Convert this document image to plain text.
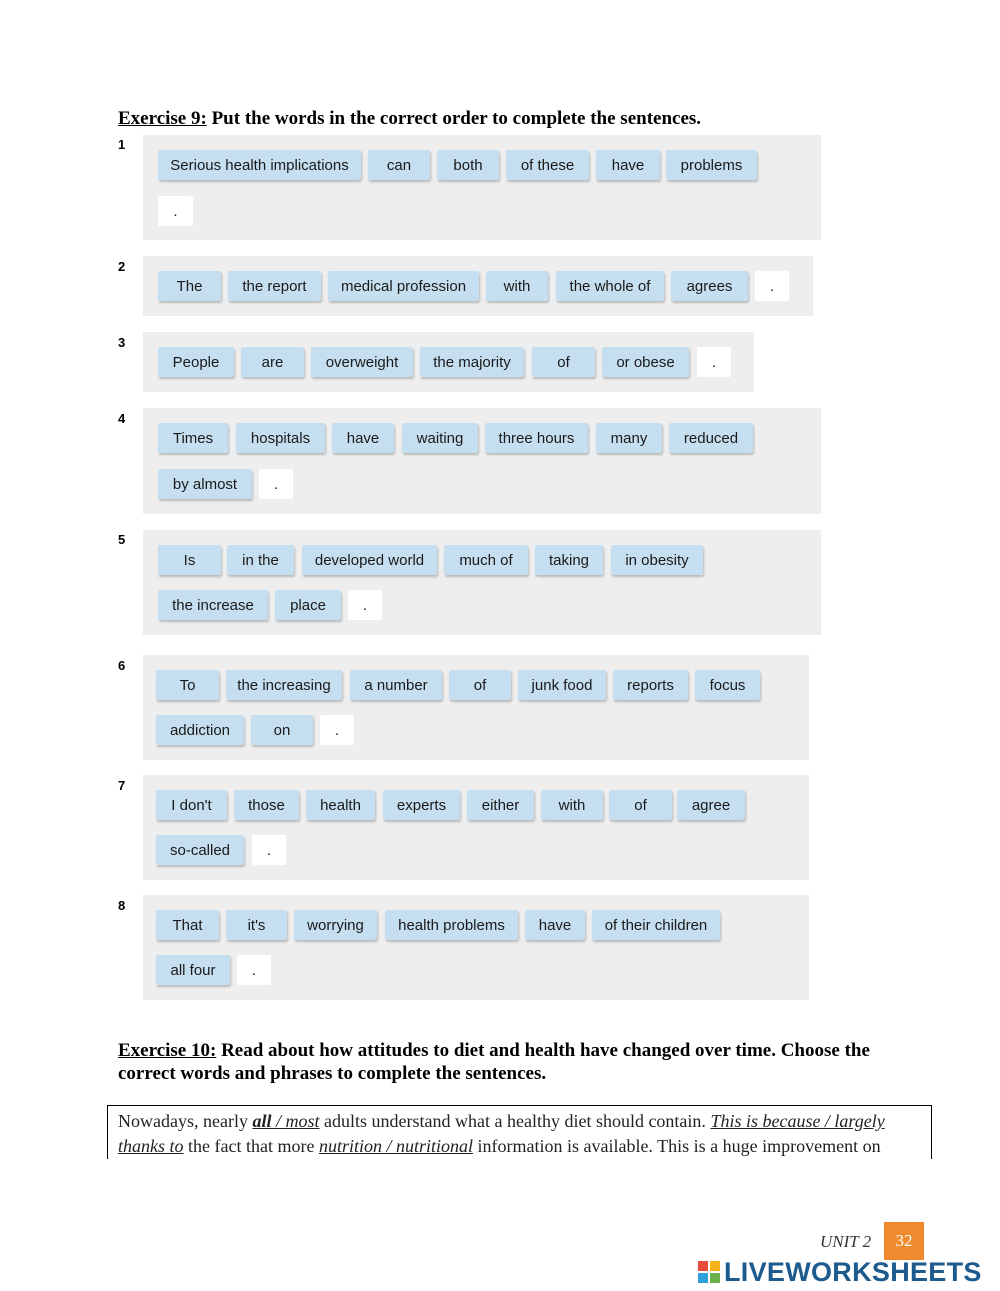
Exercise 9: Put the words in the correct order to complete the sentences.
1
Serious health implications	can	both	of these	have	problems
.
2
The	the report	medical profession	with	the whole of	agrees	.
3
People	are	overweight	the majority	of	or obese	.
4
Times	hospitals	have	waiting	three hours	many	reduced
by almost	.
5
Is	in the	developed world	much of	taking	in obesity
the increase	place	.
6
To	the increasing	a number	of	junk food	reports	focus
addiction	on	.
7
I don't	those	health	experts	either	with	of	agree
so-called	.
8
That	it's	worrying	health problems	have	of their children
all four	.
Exercise 10: Read about how attitudes to diet and health have changed over time. Choose the correct words and phrases to complete the sentences.
Nowadays, nearly all / most adults understand what a healthy diet should contain. This is because / largely thanks to the fact that more nutrition / nutritional information is available. This is a huge improvement on
UNIT 2	32
LIVEWORKSHEETS
